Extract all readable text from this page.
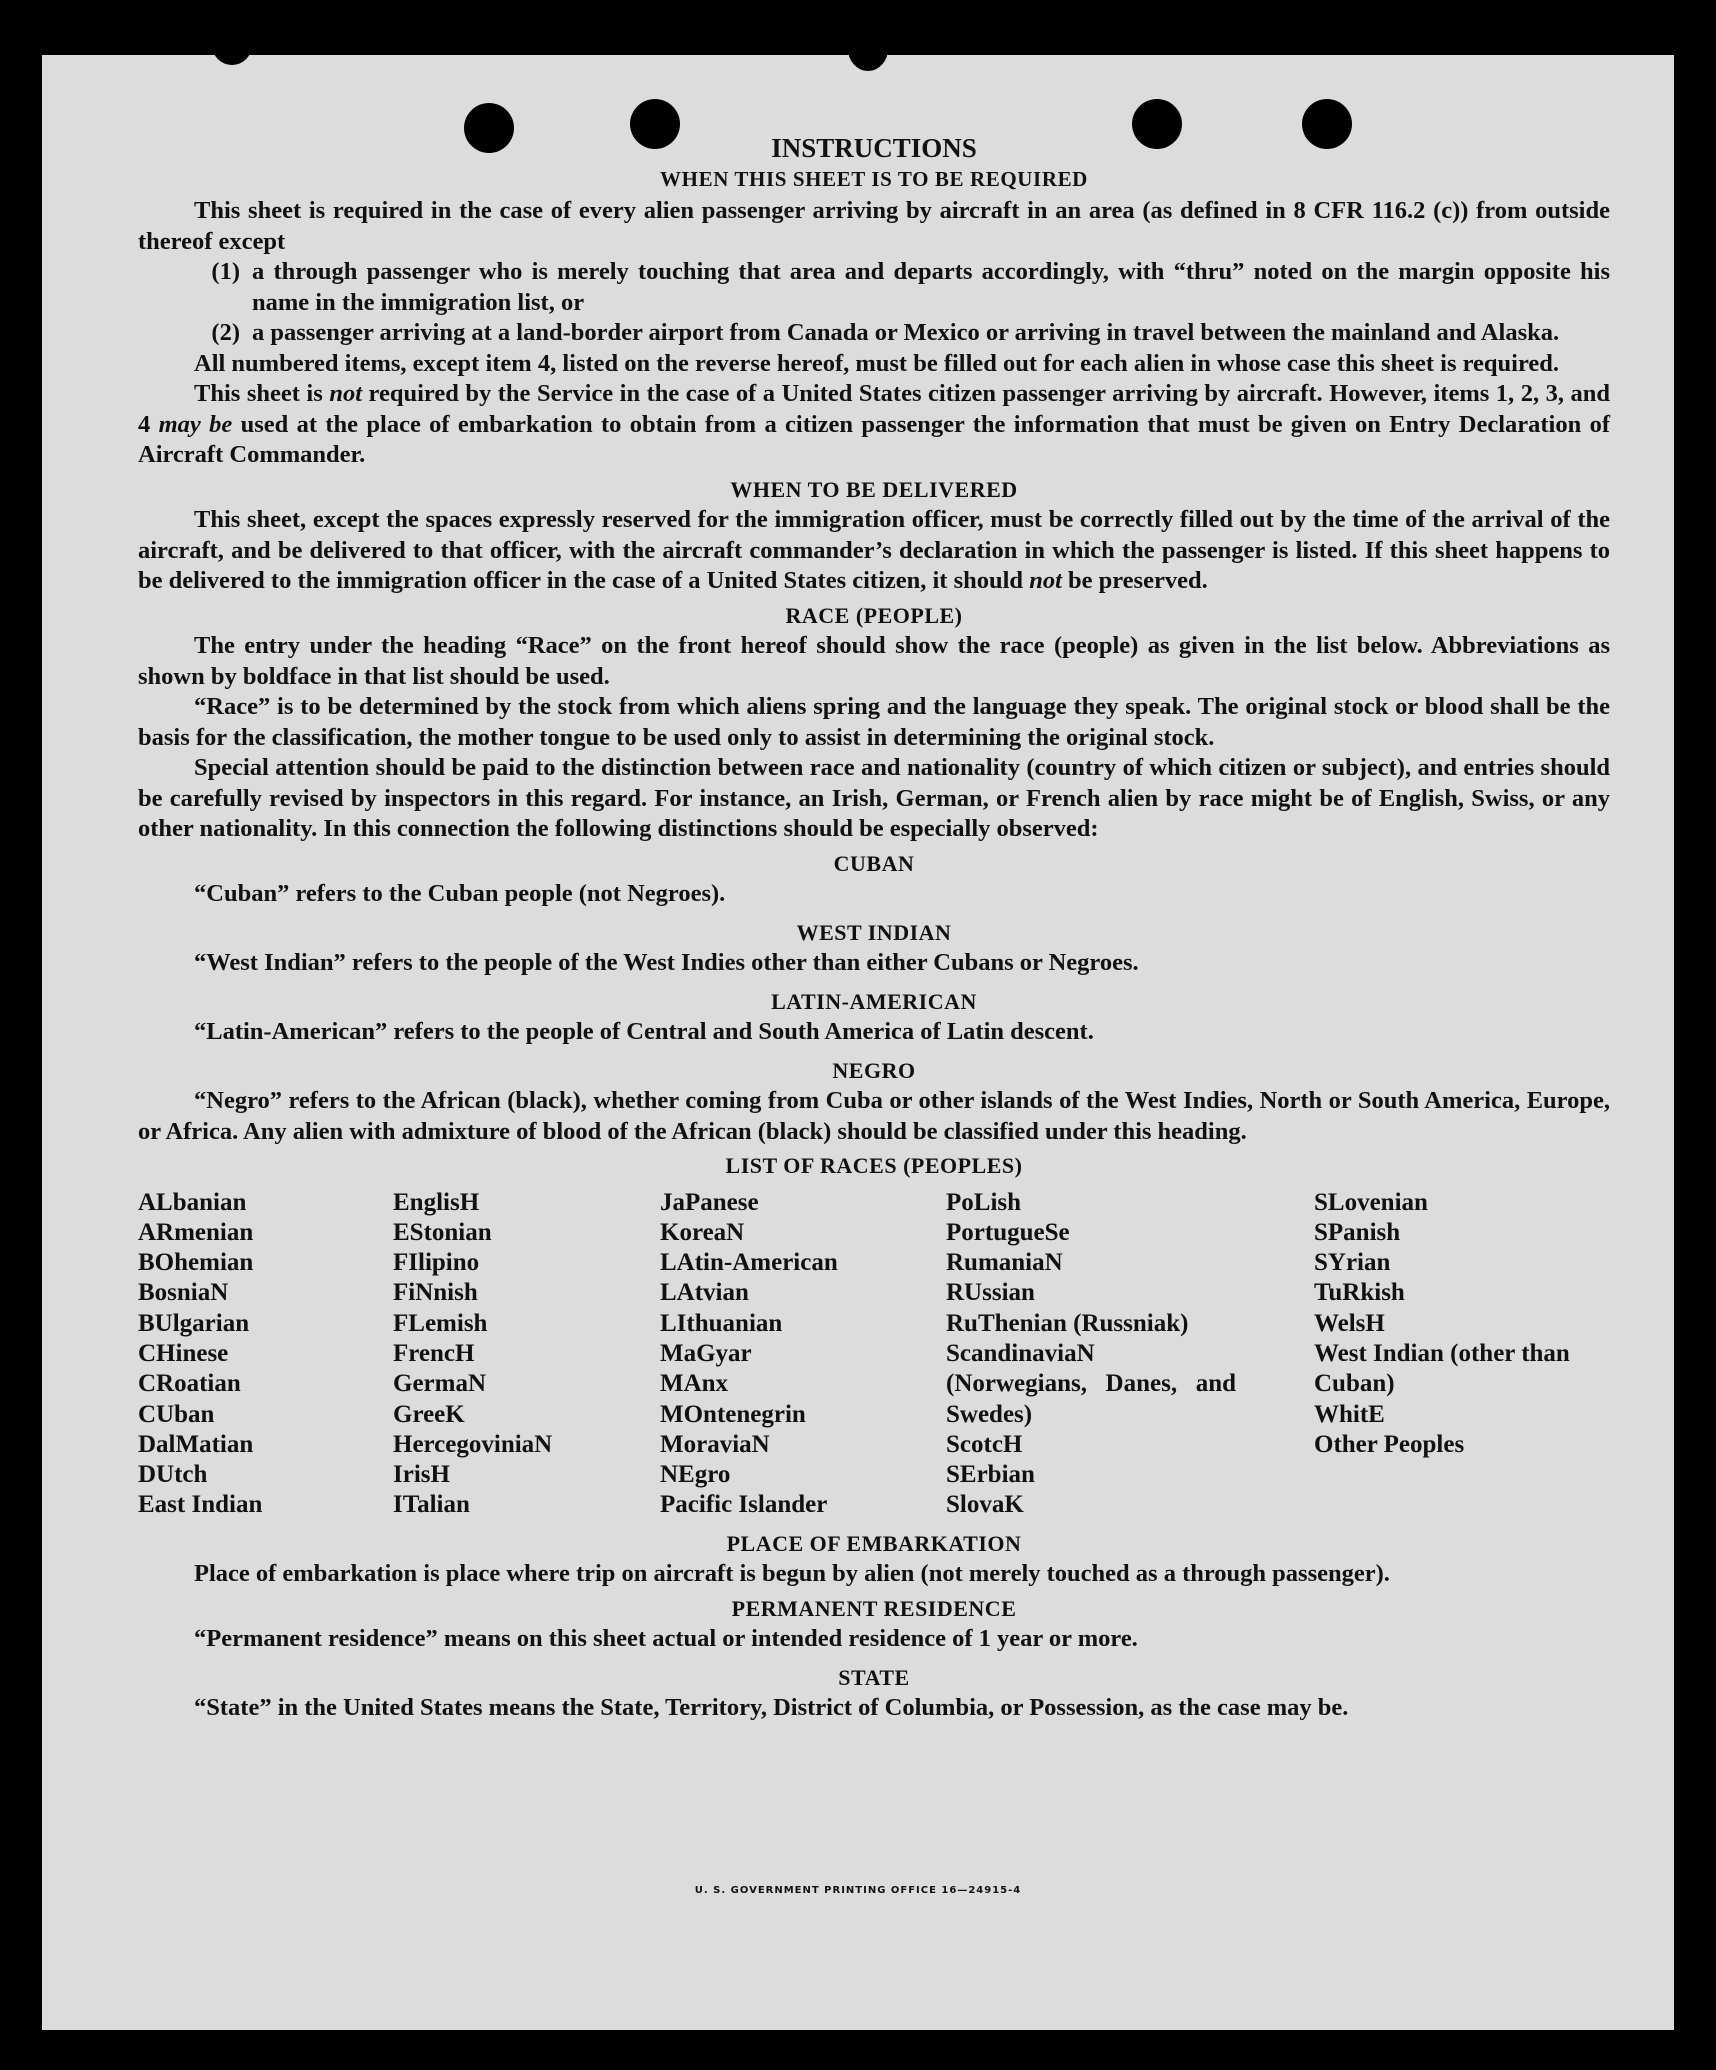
INSTRUCTIONS
WHEN THIS SHEET IS TO BE REQUIRED

This sheet is required in the case of every alien passenger arriving by aircraft in an area (as defined in 8 CFR 116.2 (c)) from outside thereof except

(1) a through passenger who is merely touching that area and departs accordingly, with “thru” noted on the margin opposite his name in the immigration list, or
(2) a passenger arriving at a land-border airport from Canada or Mexico or arriving in travel between the mainland and Alaska.

All numbered items, except item 4, listed on the reverse hereof, must be filled out for each alien in whose case this sheet is required.

This sheet is not required by the Service in the case of a United States citizen passenger arriving by aircraft. However, items 1, 2, 3, and 4 may be used at the place of embarkation to obtain from a citizen passenger the information that must be given on Entry Declaration of Aircraft Commander.

WHEN TO BE DELIVERED

This sheet, except the spaces expressly reserved for the immigration officer, must be correctly filled out by the time of the arrival of the aircraft, and be delivered to that officer, with the aircraft commander’s declaration in which the passenger is listed. If this sheet happens to be delivered to the immigration officer in the case of a United States citizen, it should not be preserved.

RACE (PEOPLE)

The entry under the heading “Race” on the front hereof should show the race (people) as given in the list below. Abbreviations as shown by boldface in that list should be used.

“Race” is to be determined by the stock from which aliens spring and the language they speak. The original stock or blood shall be the basis for the classification, the mother tongue to be used only to assist in determining the original stock.

Special attention should be paid to the distinction between race and nationality (country of which citizen or subject), and entries should be carefully revised by inspectors in this regard. For instance, an Irish, German, or French alien by race might be of English, Swiss, or any other nationality. In this connection the following distinctions should be especially observed:

CUBAN
“Cuban” refers to the Cuban people (not Negroes).
WEST INDIAN
“West Indian” refers to the people of the West Indies other than either Cubans or Negroes.
LATIN-AMERICAN
“Latin-American” refers to the people of Central and South America of Latin descent.
NEGRO

“Negro” refers to the African (black), whether coming from Cuba or other islands of the West Indies, North or South America, Europe, or Africa. Any alien with admixture of blood of the African (black) should be classified under this heading.

LIST OF RACES (PEOPLES)
ALbanian
ARmenian
BOhemian
BosniaN
BUlgarian
CHinese
CRoatian
CUban
DalMatian
DUtch
East Indian
EnglisH
EStonian
FIlipino
FiNnish
FLemish
FrencH
GermaN
GreeK
HercegoviniaN
IrisH
ITalian
JaPanese
KoreaN
LAtin-American
LAtvian
LIthuanian
MaGyar
MAnx
MOntenegrin
MoraviaN
NEgro
Pacific Islander
PoLish
PortugueSe
RumaniaN
RUssian
RuThenian (Russniak)
ScandinaviaN (Norwegians, Danes, and Swedes)
ScotcH
SErbian
SlovaK
SLovenian
SPanish
SYrian
TuRkish
WelsH
West Indian (other than Cuban)
WhitE
Other Peoples
PLACE OF EMBARKATION

Place of embarkation is place where trip on aircraft is begun by alien (not merely touched as a through passenger).

PERMANENT RESIDENCE
“Permanent residence” means on this sheet actual or intended residence of 1 year or more.
STATE

“State” in the United States means the State, Territory, District of Columbia, or Possession, as the case may be.

U. S. GOVERNMENT PRINTING OFFICE 16—24915-4
